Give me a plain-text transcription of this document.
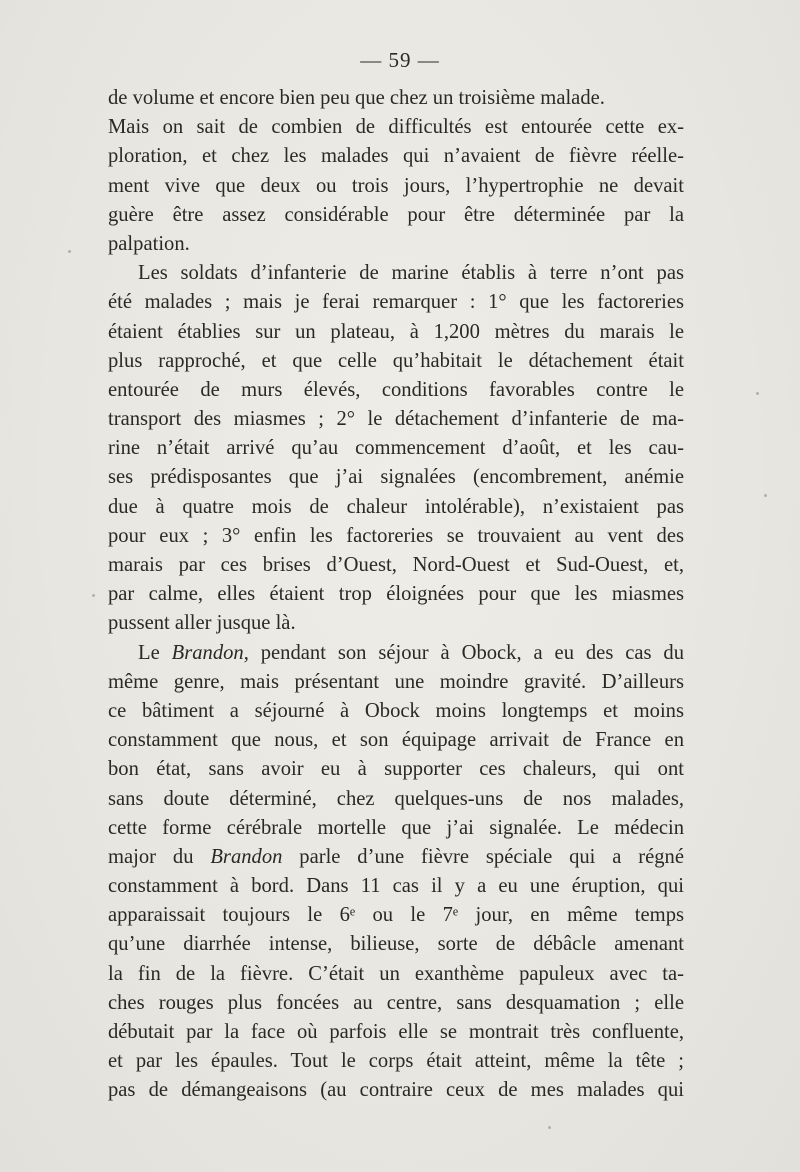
— 59 —
de volume et encore bien peu que chez un troisième malade.
Mais on sait de combien de difficultés est entourée cette ex-
ploration, et chez les malades qui n’avaient de fièvre réelle-
ment vive que deux ou trois jours, l’hypertrophie ne devait
guère être assez considérable pour être déterminée par la
palpation.
Les soldats d’infanterie de marine établis à terre n’ont pas
été malades ; mais je ferai remarquer : 1° que les factoreries
étaient établies sur un plateau, à 1,200 mètres du marais le
plus rapproché, et que celle qu’habitait le détachement était
entourée de murs élevés, conditions favorables contre le
transport des miasmes ; 2° le détachement d’infanterie de ma-
rine n’était arrivé qu’au commencement d’août, et les cau-
ses prédisposantes que j’ai signalées (encombrement, anémie
due à quatre mois de chaleur intolérable), n’existaient pas
pour eux ; 3° enfin les factoreries se trouvaient au vent des
marais par ces brises d’Ouest, Nord-Ouest et Sud-Ouest, et,
par calme, elles étaient trop éloignées pour que les miasmes
pussent aller jusque là.
Le Brandon, pendant son séjour à Obock, a eu des cas du
même genre, mais présentant une moindre gravité. D’ailleurs
ce bâtiment a séjourné à Obock moins longtemps et moins
constamment que nous, et son équipage arrivait de France en
bon état, sans avoir eu à supporter ces chaleurs, qui ont
sans doute déterminé, chez quelques-uns de nos malades,
cette forme cérébrale mortelle que j’ai signalée. Le médecin
major du Brandon parle d’une fièvre spéciale qui a régné
constamment à bord. Dans 11 cas il y a eu une éruption, qui
apparaissait toujours le 6ᵉ ou le 7ᵉ jour, en même temps
qu’une diarrhée intense, bilieuse, sorte de débâcle amenant
la fin de la fièvre. C’était un exanthème papuleux avec ta-
ches rouges plus foncées au centre, sans desquamation ; elle
débutait par la face où parfois elle se montrait très confluente,
et par les épaules. Tout le corps était atteint, même la tête ;
pas de démangeaisons (au contraire ceux de mes malades qui
